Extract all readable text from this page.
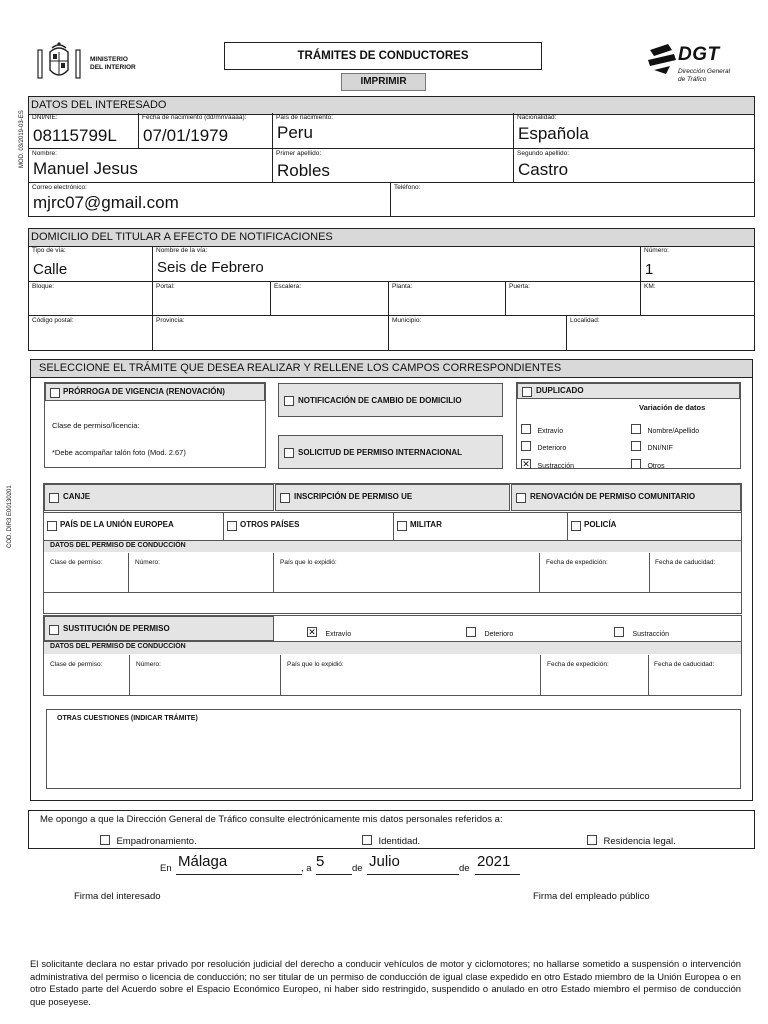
MINISTERIO
DEL INTERIOR
TRÁMITES DE CONDUCTORES
IMPRIMIR
DGT
Dirección General
de Tráfico
MOD. 03/2019-03-ES
COD. DIR3 E00130201
DATOS DEL INTERESADO
DNI/NIE:
08115799L
Fecha de nacimiento (dd/mm/aaaa):
07/01/1979
País de nacimiento:
Peru
Nacionalidad:
Española
Nombre:
Manuel Jesus
Primer apellido:
Robles
Segundo apellido:
Castro
Correo electrónico:
mjrc07@gmail.com
Teléfono:
DOMICILIO DEL TITULAR A EFECTO DE NOTIFICACIONES
Tipo de vía:
Calle
Nombre de la vía:
Seis de Febrero
Número:
1
Bloque:	Portal:	Escalera:	Planta:	Puerta:	KM:
Código postal:	Provincia:	Municipio:	Localidad:
SELECCIONE EL TRÁMITE QUE DESEA REALIZAR Y RELLENE LOS CAMPOS CORRESPONDIENTES
PRÓRROGA DE VIGENCIA (RENOVACIÓN)
Clase de permiso/licencia:
*Debe acompañar talón foto (Mod. 2.67)
NOTIFICACIÓN DE CAMBIO DE DOMICILIO
SOLICITUD DE PERMISO INTERNACIONAL
DUPLICADO
Variación de datos
Extravío
Deterioro
✕ Sustracción
Nombre/Apellido
DNI/NIF
Otros
CANJE	INSCRIPCIÓN DE PERMISO UE	RENOVACIÓN DE PERMISO COMUNITARIO
PAÍS DE LA UNIÓN EUROPEA	OTROS PAÍSES	MILITAR	POLICÍA
DATOS DEL PERMISO DE CONDUCCIÓN
Clase de permiso:	Número:	País que lo expidió:	Fecha de expedición:	Fecha de caducidad:
SUSTITUCIÓN DE PERMISO	✕ Extravío	Deterioro	Sustracción
DATOS DEL PERMISO DE CONDUCCIÓN
Clase de permiso:	Número:	País que lo expidió:	Fecha de expedición:	Fecha de caducidad:
OTRAS CUESTIONES (INDICAR TRÁMITE)
Me opongo a que la Dirección General de Tráfico consulte electrónicamente mis datos personales referidos a:
Empadronamiento.	Identidad.	Residencia legal.
En Málaga	, a 5	de Julio	de 2021
Firma del interesado	Firma del empleado público
El solicitante declara no estar privado por resolución judicial del derecho a conducir vehículos de motor y ciclomotores; no hallarse sometido a suspensión o intervención administrativa del permiso o licencia de conducción; no ser titular de un permiso de conducción de igual clase expedido en otro Estado miembro de la Unión Europea o en otro Estado parte del Acuerdo sobre el Espacio Económico Europeo, ni haber sido restringido, suspendido o anulado en otro Estado miembro el permiso de conducción que poseyese.
